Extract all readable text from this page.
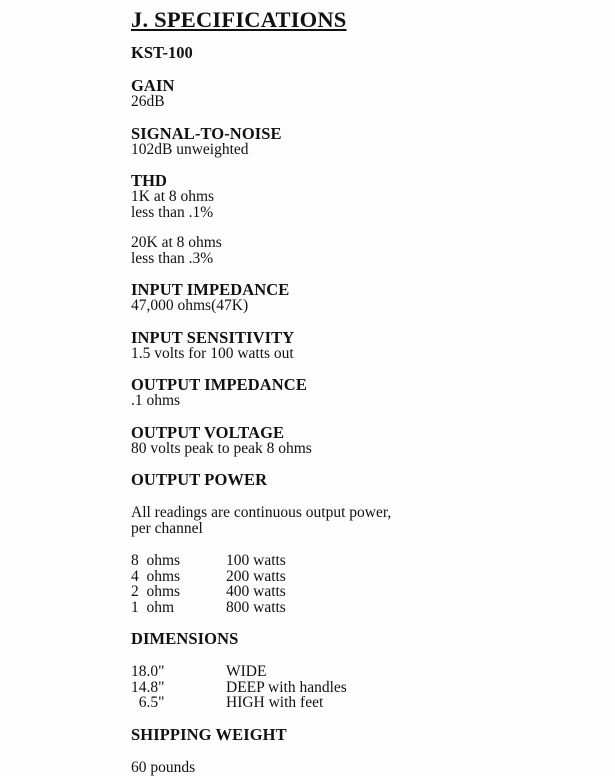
J. SPECIFICATIONS
KST-100
GAIN
26dB
SIGNAL-TO-NOISE
102dB unweighted
THD
1K at 8 ohms
less than .1%
20K at 8 ohms
less than .3%
INPUT IMPEDANCE
47,000 ohms(47K)
INPUT SENSITIVITY
1.5 volts for 100 watts out
OUTPUT IMPEDANCE
.1 ohms
OUTPUT VOLTAGE
80 volts peak to peak 8 ohms
OUTPUT POWER
All readings are continuous output power,
per channel
8  ohms	100 watts
4  ohms	200 watts
2  ohms	400 watts
1  ohm	800 watts
DIMENSIONS
18.0"	WIDE
14.8"	DEEP with handles
6.5"	HIGH with feet
SHIPPING WEIGHT
60 pounds
